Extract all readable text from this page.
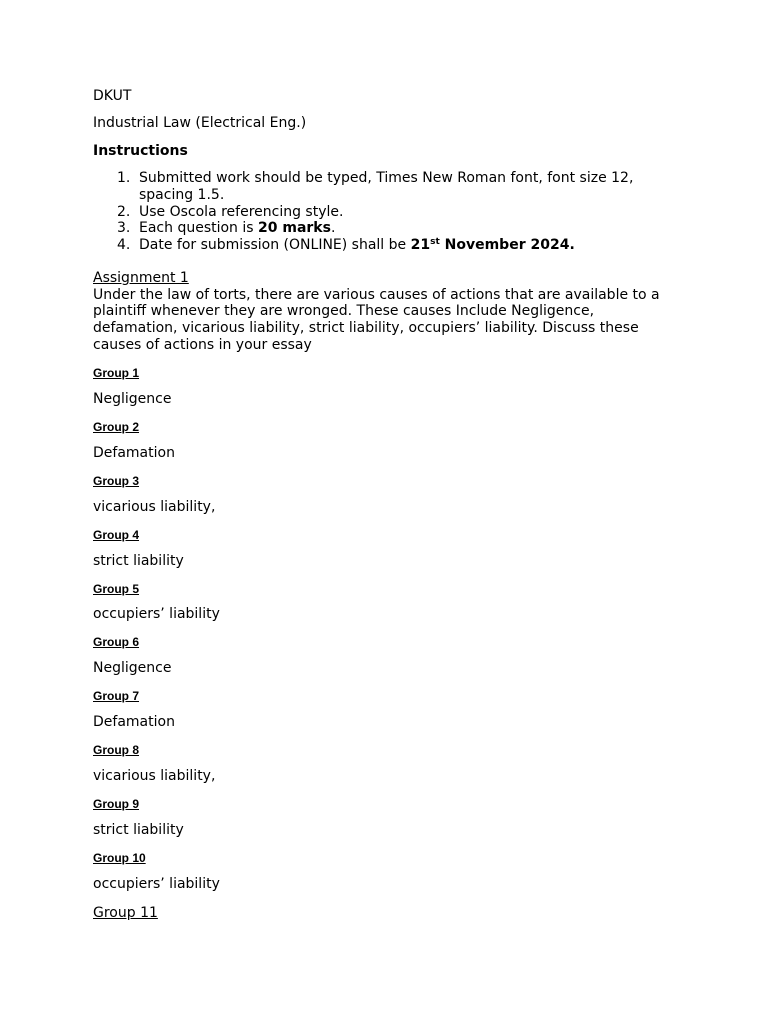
DKUT
Industrial Law (Electrical Eng.)
Instructions
1. Submitted work should be typed, Times New Roman font, font size 12,
spacing 1.5.
2. Use Oscola referencing style.
3. Each question is 20 marks.
4. Date for submission (ONLINE) shall be 21st November 2024.
Assignment 1
Under the law of torts, there are various causes of actions that are available to a
plaintiff whenever they are wronged. These causes Include Negligence,
defamation, vicarious liability, strict liability, occupiers’ liability. Discuss these
causes of actions in your essay
Group 1
Negligence
Group 2
Defamation
Group 3
vicarious liability,
Group 4
strict liability
Group 5
occupiers’ liability
Group 6
Negligence
Group 7
Defamation
Group 8
vicarious liability,
Group 9
strict liability
Group 10
occupiers’ liability
Group 11
